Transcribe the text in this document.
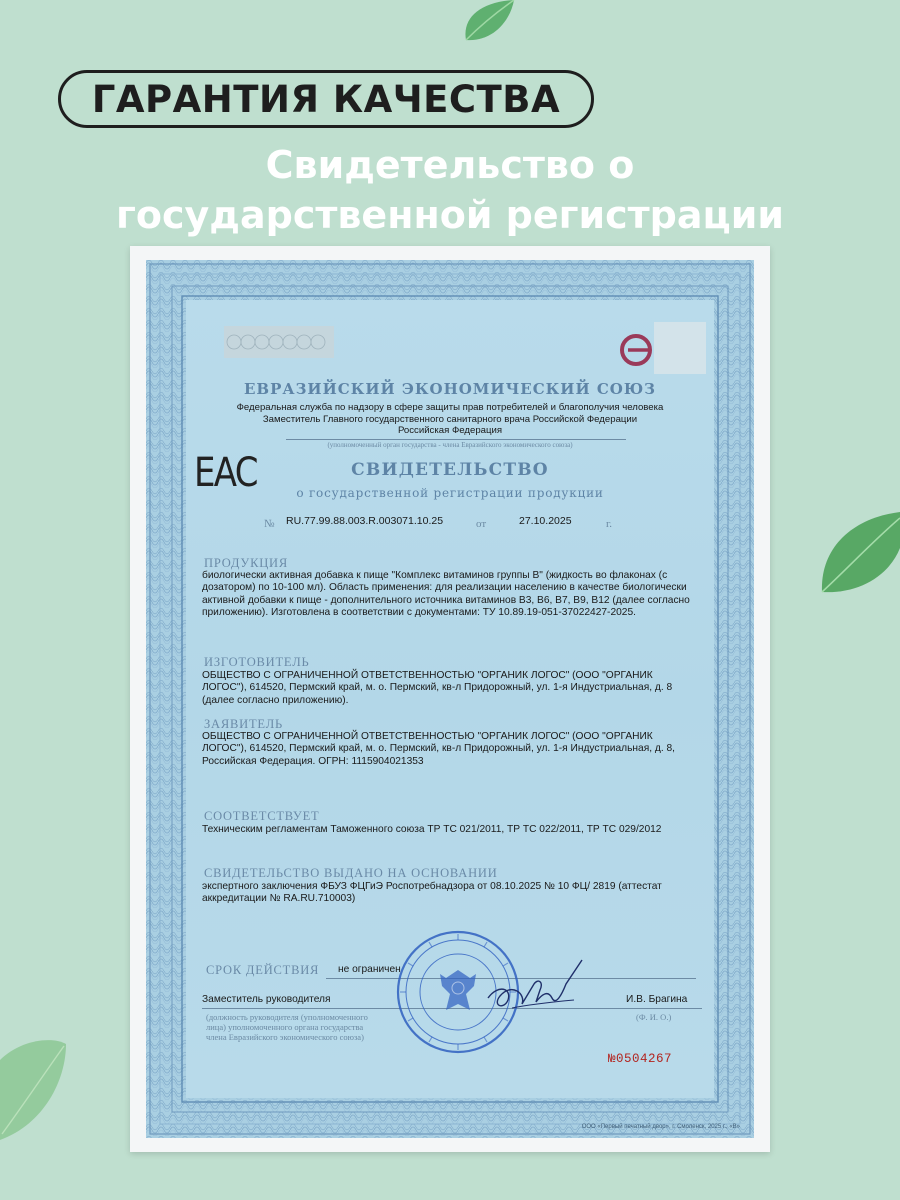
ГАРАНТИЯ КАЧЕСТВА
Свидетельство о
государственной регистрации
ЕВРАЗИЙСКИЙ ЭКОНОМИЧЕСКИЙ СОЮЗ
Федеральная служба по надзору в сфере защиты прав потребителей и благополучия человека
Заместитель Главного государственного санитарного врача Российской Федерации
Российская Федерация
(уполномоченный орган государства - члена Евразийского экономического союза)
EAC	СВИДЕТЕЛЬСТВО
о государственной регистрации продукции
№ RU.77.99.88.003.R.003071.10.25	от	27.10.2025	г.
ПРОДУКЦИЯ
биологически активная добавка к пище "Комплекс витаминов группы В" (жидкость во флаконах (с дозатором) по 10-100 мл). Область применения: для реализации населению в качестве биологически активной добавки к пище - дополнительного источника витаминов В3, В6, В7, В9, В12 (далее согласно приложению). Изготовлена в соответствии с документами: ТУ 10.89.19-051-37022427-2025.
ИЗГОТОВИТЕЛЬ
ОБЩЕСТВО С ОГРАНИЧЕННОЙ ОТВЕТСТВЕННОСТЬЮ "ОРГАНИК ЛОГОС" (ООО "ОРГАНИК ЛОГОС"), 614520, Пермский край, м. о. Пермский, кв-л Придорожный, ул. 1-я Индустриальная, д. 8 (далее согласно приложению).
ЗАЯВИТЕЛЬ
ОБЩЕСТВО С ОГРАНИЧЕННОЙ ОТВЕТСТВЕННОСТЬЮ "ОРГАНИК ЛОГОС" (ООО "ОРГАНИК ЛОГОС"), 614520, Пермский край, м. о. Пермский, кв-л Придорожный, ул. 1-я Индустриальная, д. 8, Российская Федерация. ОГРН: 1115904021353
СООТВЕТСТВУЕТ
Техническим регламентам Таможенного союза ТР ТС 021/2011, ТР ТС 022/2011, ТР ТС 029/2012
СВИДЕТЕЛЬСТВО ВЫДАНО НА ОСНОВАНИИ
экспертного заключения ФБУЗ ФЦГиЭ Роспотребнадзора от 08.10.2025 № 10 ФЦ/ 2819 (аттестат аккредитации № RA.RU.710003)
СРОК ДЕЙСТВИЯ не ограничен
Заместитель руководителя	И.В. Брагина
(должность руководителя (уполномоченного
лица) уполномоченного органа государства
члена Евразийского экономического союза)
(Ф. И. О.)
№0504267
ООО «Первый печатный двор», г. Смоленск, 2025 г., «В»
